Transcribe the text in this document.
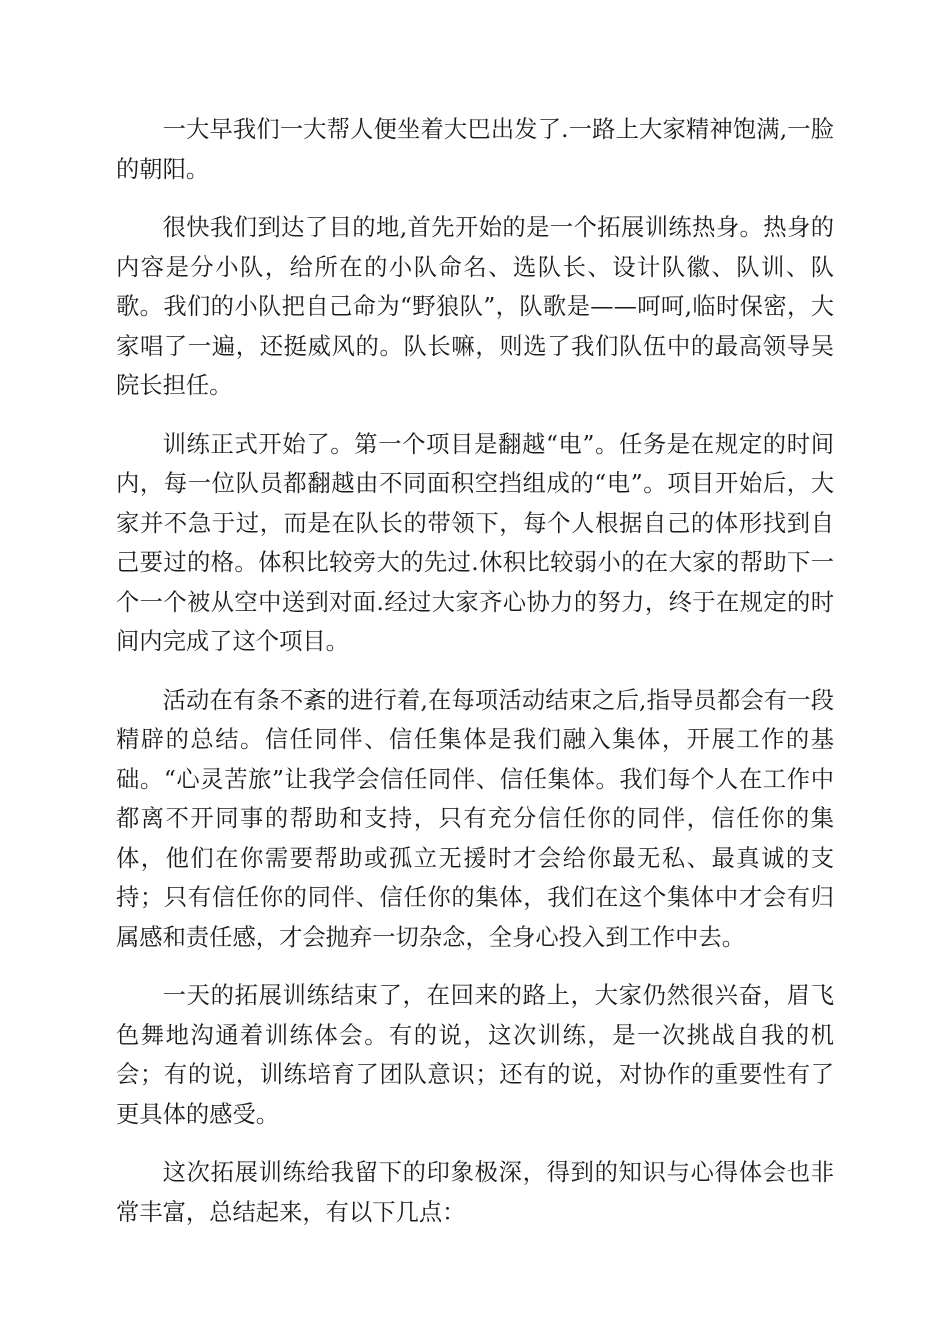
一大早我们一大帮人便坐着大巴出发了.一路上大家精神饱满,一脸的朝阳。

很快我们到达了目的地,首先开始的是一个拓展训练热身。热身的内容是分小队，给所在的小队命名、选队长、设计队徽、队训、队歌。我们的小队把自己命为“野狼队”，队歌是——呵呵,临时保密，大家唱了一遍，还挺威风的。队长嘛，则选了我们队伍中的最高领导吴院长担任。

训练正式开始了。第一个项目是翻越“电”。任务是在规定的时间内，每一位队员都翻越由不同面积空挡组成的“电”。项目开始后，大家并不急于过，而是在队长的带领下，每个人根据自己的体形找到自己要过的格。体积比较旁大的先过.休积比较弱小的在大家的帮助下一个一个被从空中送到对面.经过大家齐心协力的努力，终于在规定的时间内完成了这个项目。

活动在有条不紊的进行着,在每项活动结束之后,指导员都会有一段精辟的总结。信任同伴、信任集体是我们融入集体，开展工作的基础。“心灵苦旅”让我学会信任同伴、信任集体。我们每个人在工作中都离不开同事的帮助和支持，只有充分信任你的同伴，信任你的集体，他们在你需要帮助或孤立无援时才会给你最无私、最真诚的支持；只有信任你的同伴、信任你的集体，我们在这个集体中才会有归属感和责任感，才会抛弃一切杂念，全身心投入到工作中去。

一天的拓展训练结束了，在回来的路上，大家仍然很兴奋，眉飞色舞地沟通着训练体会。有的说，这次训练，是一次挑战自我的机会；有的说，训练培育了团队意识；还有的说，对协作的重要性有了更具体的感受。

这次拓展训练给我留下的印象极深，得到的知识与心得体会也非常丰富，总结起来，有以下几点：
